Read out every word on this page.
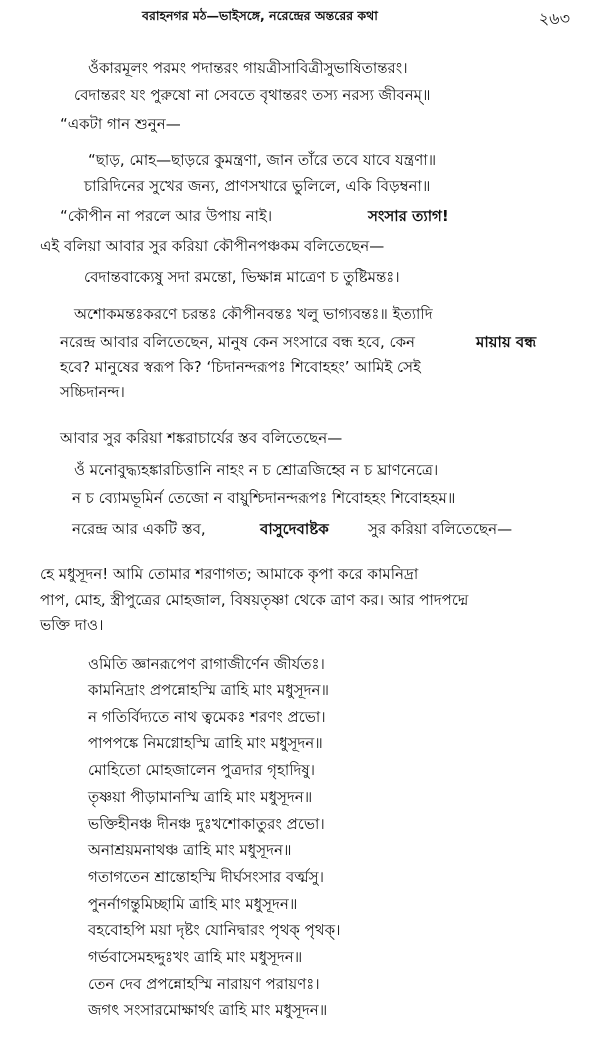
বরাহনগর মঠ—ভাইসঙ্গে, নরেন্দ্রের অন্তরের কথা	২৬৩
ওঁকারমূলং পরমং পদান্তরং গায়ত্রীসাবিত্রীসুভাষিতান্তরং।
বেদান্তরং যং পুরুষো না সেবতে বৃথান্তরং তস্য নরস্য জীবনম্॥
“একটা গান শুনুন—
“ছাড়, মোহ—ছাড়রে কুমন্ত্রণা, জান তাঁরে তবে যাবে যন্ত্রণা॥
চারিদিনের সুখের জন্য, প্রাণসখারে ভুলিলে, একি বিড়ম্বনা॥
“কৌপীন না পরলে আর উপায় নাই।	সংসার ত্যাগ!
এই বলিয়া আবার সুর করিয়া কৌপীনপঞ্চকম বলিতেছেন—
বেদান্তবাক্যেষু সদা রমন্তো, ভিক্ষান্ন মাত্রেণ চ তুষ্টিমন্তঃ।
অশোকমন্তঃকরণে চরন্তঃ কৌপীনবন্তঃ খলু ভাগ্যবন্তঃ॥ ইত্যাদি
নরেন্দ্র আবার বলিতেছেন, মানুষ কেন সংসারে বন্ধ হবে, কেন	মায়ায় বন্ধ
হবে? মানুষের স্বরূপ কি? ‘চিদানন্দরূপঃ শিবোহহং’ আমিই সেই
সচ্চিদানন্দ।
আবার সুর করিয়া শঙ্করাচার্যের স্তব বলিতেছেন—
ওঁ মনোবুদ্ধ্যহঙ্কারচিত্তানি নাহং ন চ শ্রোত্রজিহ্বে ন চ ঘ্রাণনেত্রে।
ন চ ব্যোমভূমির্ন তেজো ন বায়ুশ্চিদানন্দরূপঃ শিবোহহং শিবোহহম॥
নরেন্দ্র আর একটি স্তব,	বাসুদেবাষ্টক	সুর করিয়া বলিতেছেন—
হে মধুসূদন! আমি তোমার শরণাগত; আমাকে কৃপা করে কামনিদ্রা
পাপ, মোহ, স্ত্রীপুত্রের মোহজাল, বিষয়তৃষ্ণা থেকে ত্রাণ কর। আর পাদপদ্মে
ভক্তি দাও।
ওমিতি জ্ঞানরূপেণ রাগাজীর্ণেন জীর্যতঃ।
কামনিদ্রাং প্রপন্নোহস্মি ত্রাহি মাং মধুসূদন॥
ন গতির্বিদ্যতে নাথ ত্বমেকঃ শরণং প্রভো।
পাপপঙ্কে নিমগ্নোহস্মি ত্রাহি মাং মধুসূদন॥
মোহিতো মোহজালেন পুত্রদার গৃহাদিষু।
তৃষ্ণয়া পীড়ামানস্মি ত্রাহি মাং মধুসূদন॥
ভক্তিহীনঞ্চ দীনঞ্চ দুঃখশোকাতুরং প্রভো।
অনাশ্রয়মনাথঞ্চ ত্রাহি মাং মধুসূদন॥
গতাগতেন শ্রান্তোহস্মি দীর্ঘসংসার বর্ত্মসু।
পুনর্নাগন্তুমিচ্ছামি ত্রাহি মাং মধুসূদন॥
বহবোহপি ময়া দৃষ্টং যোনিদ্বারং পৃথক্ পৃথক্।
গর্ভবাসেমহদ্দুঃখং ত্রাহি মাং মধুসূদন॥
তেন দেব প্রপন্নোহস্মি নারায়ণ পরায়ণঃ।
জগৎ সংসারমোক্ষার্থং ত্রাহি মাং মধুসূদন॥
